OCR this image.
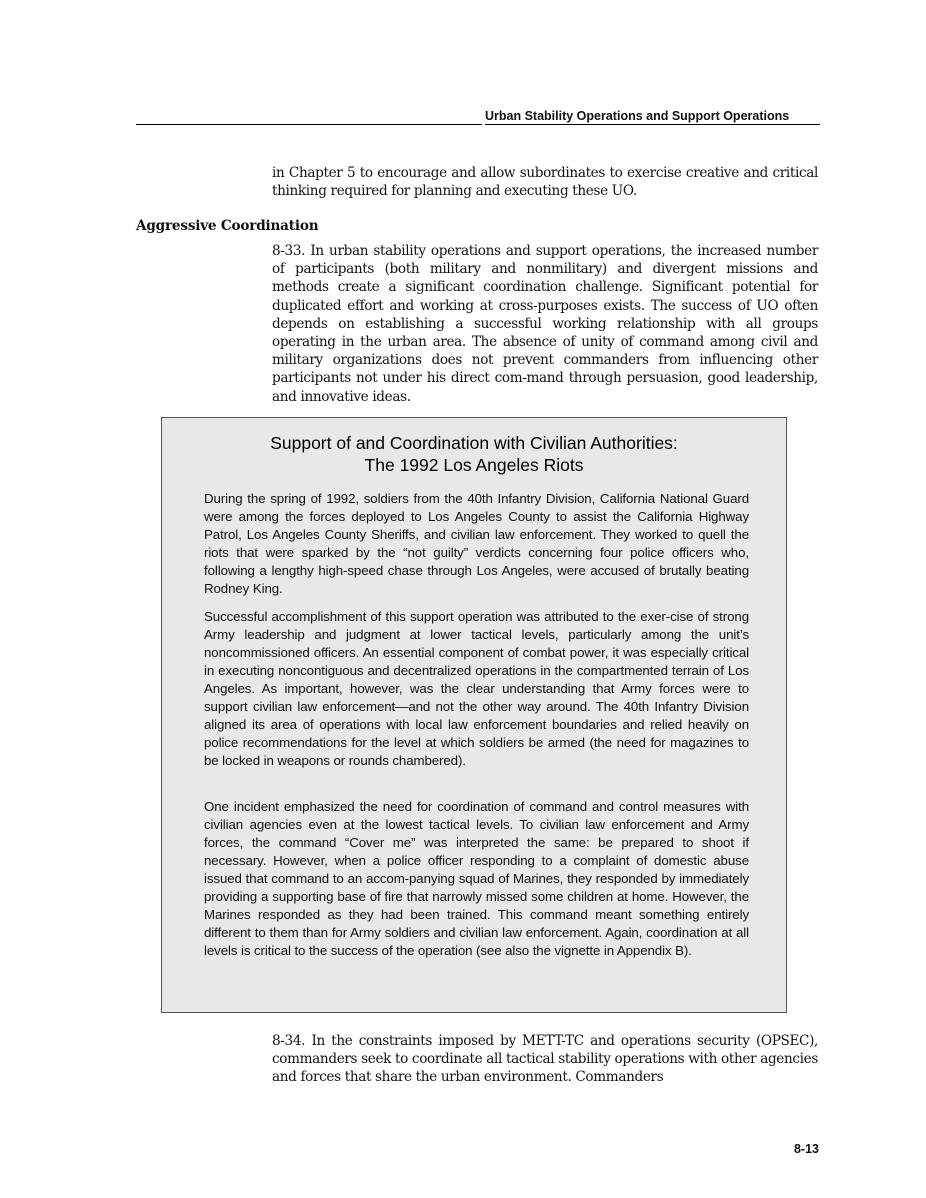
Urban Stability Operations and Support Operations

in Chapter 5 to encourage and allow subordinates to exercise creative and critical thinking required for planning and executing these UO.

Aggressive Coordination

8-33. In urban stability operations and support operations, the increased number of participants (both military and nonmilitary) and divergent missions and methods create a significant coordination challenge. Significant potential for duplicated effort and working at cross-purposes exists. The success of UO often depends on establishing a successful working relationship with all groups operating in the urban area. The absence of unity of command among civil and military organizations does not prevent commanders from influencing other participants not under his direct com-mand through persuasion, good leadership, and innovative ideas.

Support of and Coordination with Civilian Authorities:
The 1992 Los Angeles Riots

During the spring of 1992, soldiers from the 40th Infantry Division, California National Guard were among the forces deployed to Los Angeles County to assist the California Highway Patrol, Los Angeles County Sheriffs, and civilian law enforcement. They worked to quell the riots that were sparked by the “not guilty” verdicts concerning four police officers who, following a lengthy high-speed chase through Los Angeles, were accused of brutally beating Rodney King.

Successful accomplishment of this support operation was attributed to the exer-cise of strong Army leadership and judgment at lower tactical levels, particularly among the unit’s noncommissioned officers. An essential component of combat power, it was especially critical in executing noncontiguous and decentralized operations in the compartmented terrain of Los Angeles. As important, however, was the clear understanding that Army forces were to support civilian law enforcement—and not the other way around. The 40th Infantry Division aligned its area of operations with local law enforcement boundaries and relied heavily on police recommendations for the level at which soldiers be armed (the need for magazines to be locked in weapons or rounds chambered).

One incident emphasized the need for coordination of command and control measures with civilian agencies even at the lowest tactical levels. To civilian law enforcement and Army forces, the command “Cover me” was interpreted the same: be prepared to shoot if necessary. However, when a police officer responding to a complaint of domestic abuse issued that command to an accom-panying squad of Marines, they responded by immediately providing a supporting base of fire that narrowly missed some children at home. However, the Marines responded as they had been trained. This command meant something entirely different to them than for Army soldiers and civilian law enforcement. Again, coordination at all levels is critical to the success of the operation (see also the vignette in Appendix B).

8-34. In the constraints imposed by METT-TC and operations security (OPSEC), commanders seek to coordinate all tactical stability operations with other agencies and forces that share the urban environment. Commanders

8-13
